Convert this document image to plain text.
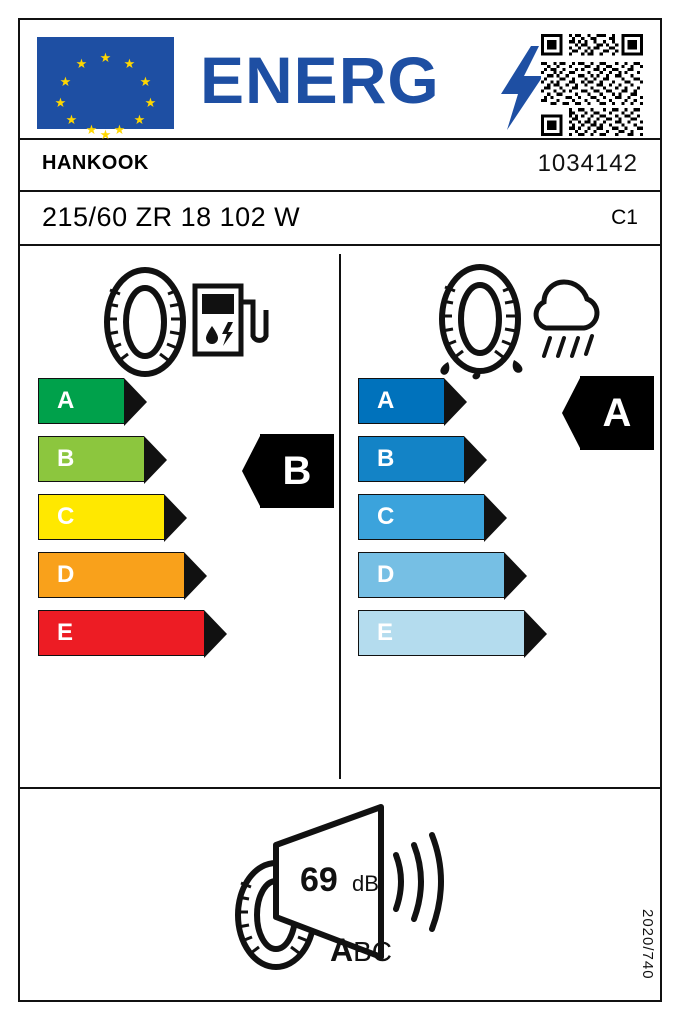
★
★	★
★	★
★	★
★	★
★ ★
★
ENERG
HANKOOK	1034142
215/60 ZR 18 102 W	C1
A
B
C
D
E
B
A
B
C
D
E
A
69 dB
ABC	2020/740
